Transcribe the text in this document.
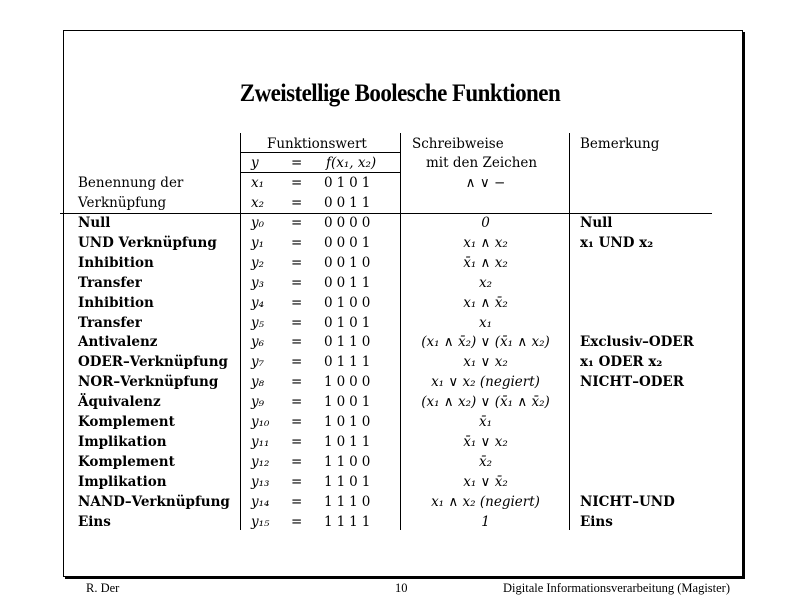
Zweistellige Boolesche Funktionen
Funktionswert	Schreibweise	Bemerkung
y = f(x₁, x₂)	mit den Zeichen
Benennung der	x₁ = 0101	∧ ∨ −
Verknüpfung	x₂ = 0011
Null	y₀ = 0000	0	Null
UND Verknüpfung	y₁ = 0001	x₁ ∧ x₂	x₁ UND x₂
Inhibition	y₂ = 0010	x̄₁ ∧ x₂
Transfer	y₃ = 0011	x₂
Inhibition	y₄ = 0100	x₁ ∧ x̄₂
Transfer	y₅ = 0101	x₁
Antivalenz	y₆ = 0110	(x₁ ∧ x̄₂) ∨ (x̄₁ ∧ x₂)	Exclusiv–ODER
ODER–Verknüpfung y₇ = 0111	x₁ ∨ x₂	x₁ ODER x₂
NOR–Verknüpfung y₈ = 1000	x₁ ∨ x₂ (negiert)	NICHT–ODER
Äquivalenz	y₉ = 1001	(x₁ ∧ x₂) ∨ (x̄₁ ∧ x̄₂)
Komplement	y₁₀ = 1010	x̄₁
Implikation	y₁₁ = 1011	x̄₁ ∨ x₂
Komplement	y₁₂ = 1100	x̄₂
Implikation	y₁₃ = 1101	x₁ ∨ x̄₂
NAND–Verknüpfung y₁₄ = 1110	x₁ ∧ x₂ (negiert)	NICHT–UND
Eins	y₁₅ = 1111	1	Eins
R. Der	10	Digitale Informationsverarbeitung (Magister)
